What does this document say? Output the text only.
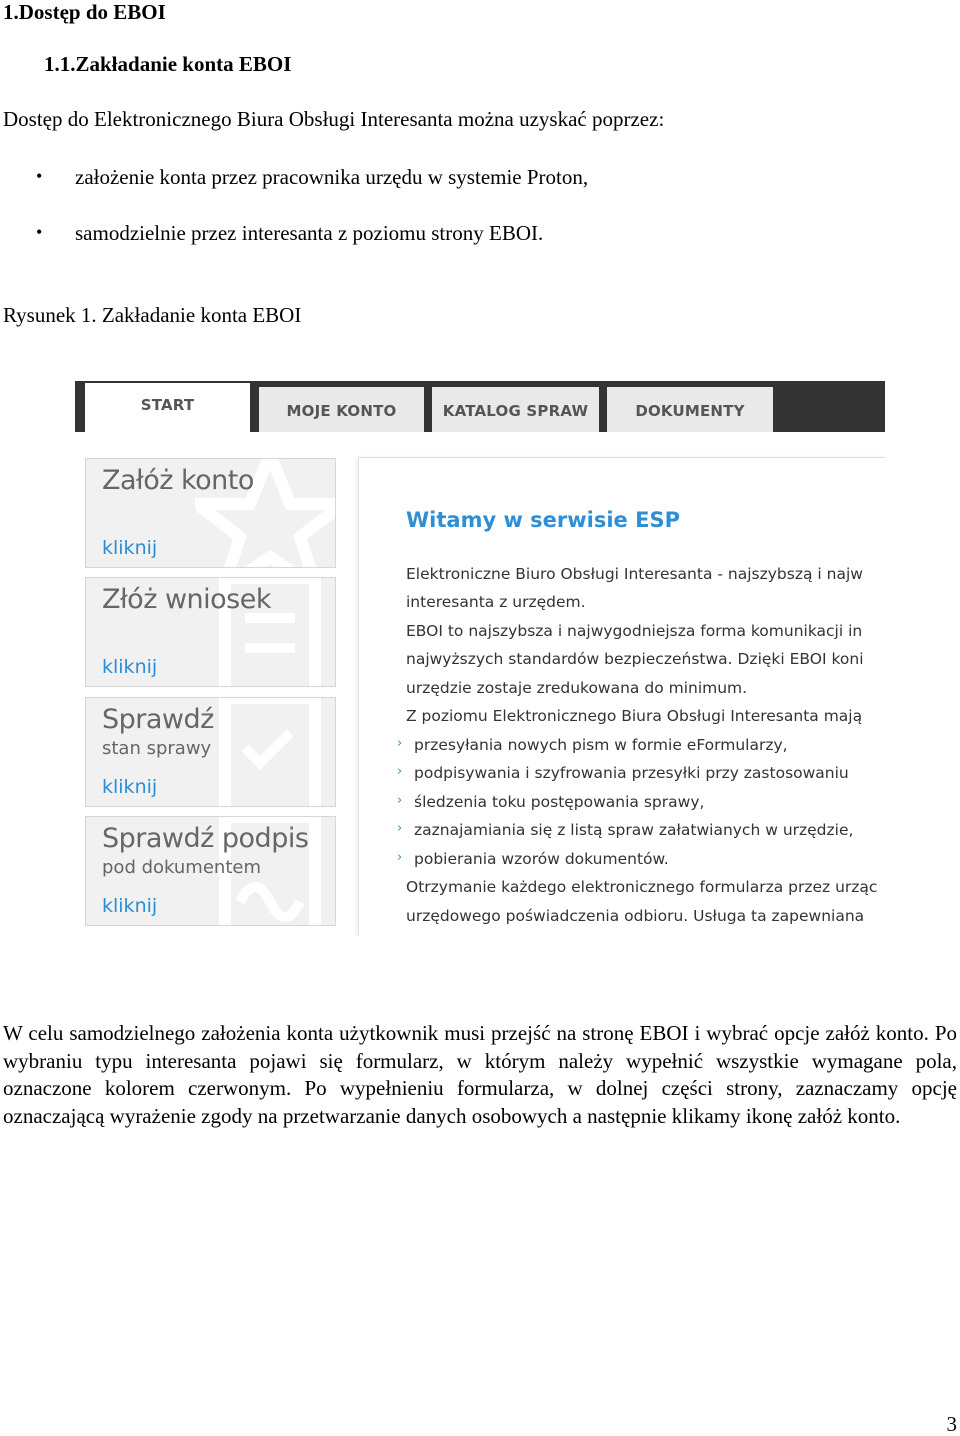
1.Dostęp do EBOI
1.1.Zakładanie konta EBOI
Dostęp do Elektronicznego Biura Obsługi Interesanta można uzyskać poprzez:
• założenie konta przez pracownika urzędu w systemie Proton,
• samodzielnie przez interesanta z poziomu strony EBOI.
Rysunek 1. Zakładanie konta EBOI
START	MOJE KONTO	KATALOG SPRAW	DOKUMENTY
Załóż konto
kliknij
Złóż wniosek
kliknij
Sprawdź
stan sprawy
kliknij
Sprawdź podpis
pod dokumentem
kliknij
Witamy w serwisie ESP
Elektroniczne Biuro Obsługi Interesanta - najszybszą i najw
interesanta z urzędem.
EBOI to najszybsza i najwygodniejsza forma komunikacji in
najwyższych standardów bezpieczeństwa. Dzięki EBOI koni
urzędzie zostaje zredukowana do minimum.
Z poziomu Elektronicznego Biura Obsługi Interesanta mają
› przesyłania nowych pism w formie eFormularzy,
› podpisywania i szyfrowania przesyłki przy zastosowaniu
› śledzenia toku postępowania sprawy,
› zaznajamiania się z listą spraw załatwianych w urzędzie,
› pobierania wzorów dokumentów.
Otrzymanie każdego elektronicznego formularza przez urząc
urzędowego poświadczenia odbioru. Usługa ta zapewniana
W celu samodzielnego założenia konta użytkownik musi przejść na stronę EBOI i wybrać opcje załóż konto. Po wybraniu typu interesanta pojawi się formularz, w którym należy wypełnić wszystkie wymagane pola, oznaczone kolorem czerwonym. Po wypełnieniu formularza, w dolnej części strony, zaznaczamy opcję oznaczającą wyrażenie zgody na przetwarzanie danych osobowych a następnie klikamy ikonę załóż konto.
3
